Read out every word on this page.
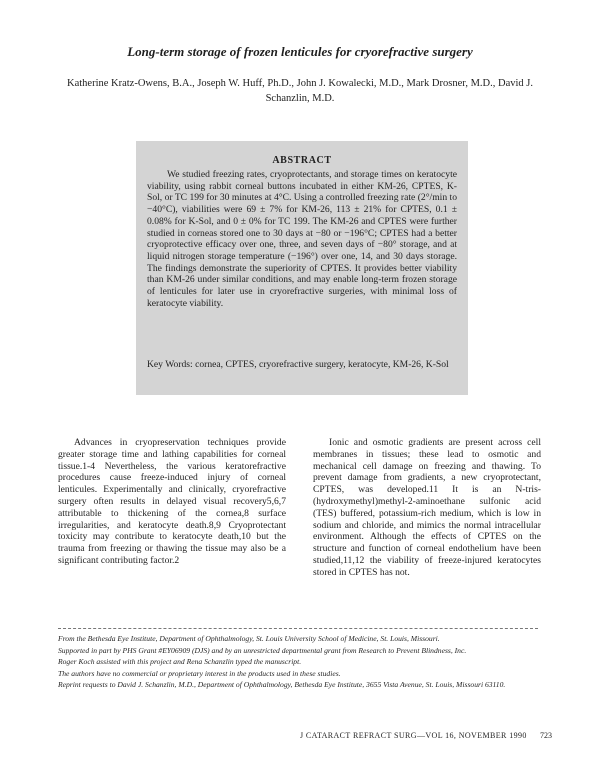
Long-term storage of frozen lenticules for cryorefractive surgery
Katherine Kratz-Owens, B.A., Joseph W. Huff, Ph.D., John J. Kowalecki, M.D., Mark Drosner, M.D., David J. Schanzlin, M.D.
ABSTRACT
We studied freezing rates, cryoprotectants, and storage times on keratocyte viability, using rabbit corneal buttons incubated in either KM-26, CPTES, K-Sol, or TC 199 for 30 minutes at 4°C. Using a controlled freezing rate (2°/min to −40°C), viabilities were 69 ± 7% for KM-26, 113 ± 21% for CPTES, 0.1 ± 0.08% for K-Sol, and 0 ± 0% for TC 199. The KM-26 and CPTES were further studied in corneas stored one to 30 days at −80 or −196°C; CPTES had a better cryoprotective efficacy over one, three, and seven days of −80° storage, and at liquid nitrogen storage temperature (−196°) over one, 14, and 30 days storage. The findings demonstrate the superiority of CPTES. It provides better viability than KM-26 under similar conditions, and may enable long-term frozen storage of lenticules for later use in cryorefractive surgeries, with minimal loss of keratocyte viability.
Key Words: cornea, CPTES, cryorefractive surgery, keratocyte, KM-26, K-Sol

Advances in cryopreservation techniques provide greater storage time and lathing capabilities for corneal tissue.1-4 Nevertheless, the various keratorefractive procedures cause freeze-induced injury of corneal lenticules. Experimentally and clinically, cryorefractive surgery often results in delayed visual recovery5,6,7 attributable to thickening of the cornea,8 surface irregularities, and keratocyte death.8,9 Cryoprotectant toxicity may contribute to keratocyte death,10 but the trauma from freezing or thawing the tissue may also be a significant contributing factor.2

Ionic and osmotic gradients are present across cell membranes in tissues; these lead to osmotic and mechanical cell damage on freezing and thawing. To prevent damage from gradients, a new cryoprotectant, CPTES, was developed.11 It is an N-tris-(hydroxymethyl)methyl-2-aminoethane sulfonic acid (TES) buffered, potassium-rich medium, which is low in sodium and chloride, and mimics the normal intracellular environment. Although the effects of CPTES on the structure and function of corneal endothelium have been studied,11,12 the viability of freeze-injured keratocytes stored in CPTES has not.

From the Bethesda Eye Institute, Department of Ophthalmology, St. Louis University School of Medicine, St. Louis, Missouri.

Supported in part by PHS Grant #EY06909 (DJS) and by an unrestricted departmental grant from Research to Prevent Blindness, Inc.

Roger Koch assisted with this project and Rena Schanzlin typed the manuscript.

The authors have no commercial or proprietary interest in the products used in these studies.

Reprint requests to David J. Schanzlin, M.D., Department of Ophthalmology, Bethesda Eye Institute, 3655 Vista Avenue, St. Louis, Missouri 63110.

J CATARACT REFRACT SURG—VOL 16, NOVEMBER 1990 723
